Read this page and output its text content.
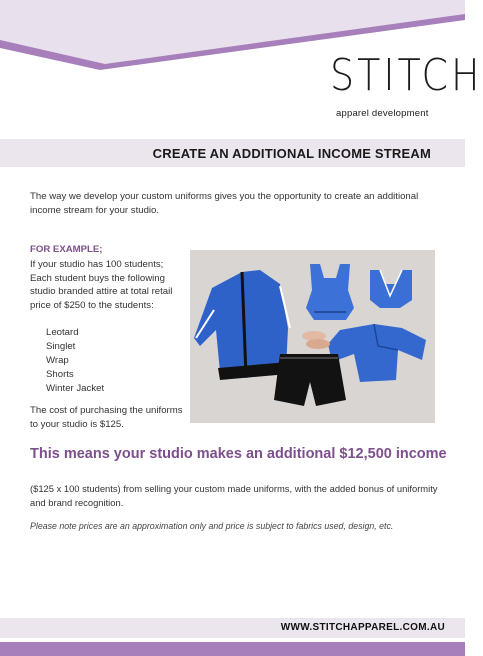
STITCH
apparel development
CREATE AN ADDITIONAL INCOME STREAM
The way we develop your custom uniforms gives you the opportunity to create an additional income stream for your studio.
FOR EXAMPLE;
If your studio has 100 students; Each student buys the following studio branded attire at total retail price of $250 to the students:
Leotard
Singlet
Wrap
Shorts
Winter Jacket
The cost of purchasing the uniforms to your studio is $125.
This means your studio makes an additional $12,500 income
($125 x 100 students) from selling your custom made uniforms, with the added bonus of uniformity and brand recognition.
Please note prices are an approximation only and price is subject to fabrics used, design, etc.
WWW.STITCHAPPAREL.COM.AU
